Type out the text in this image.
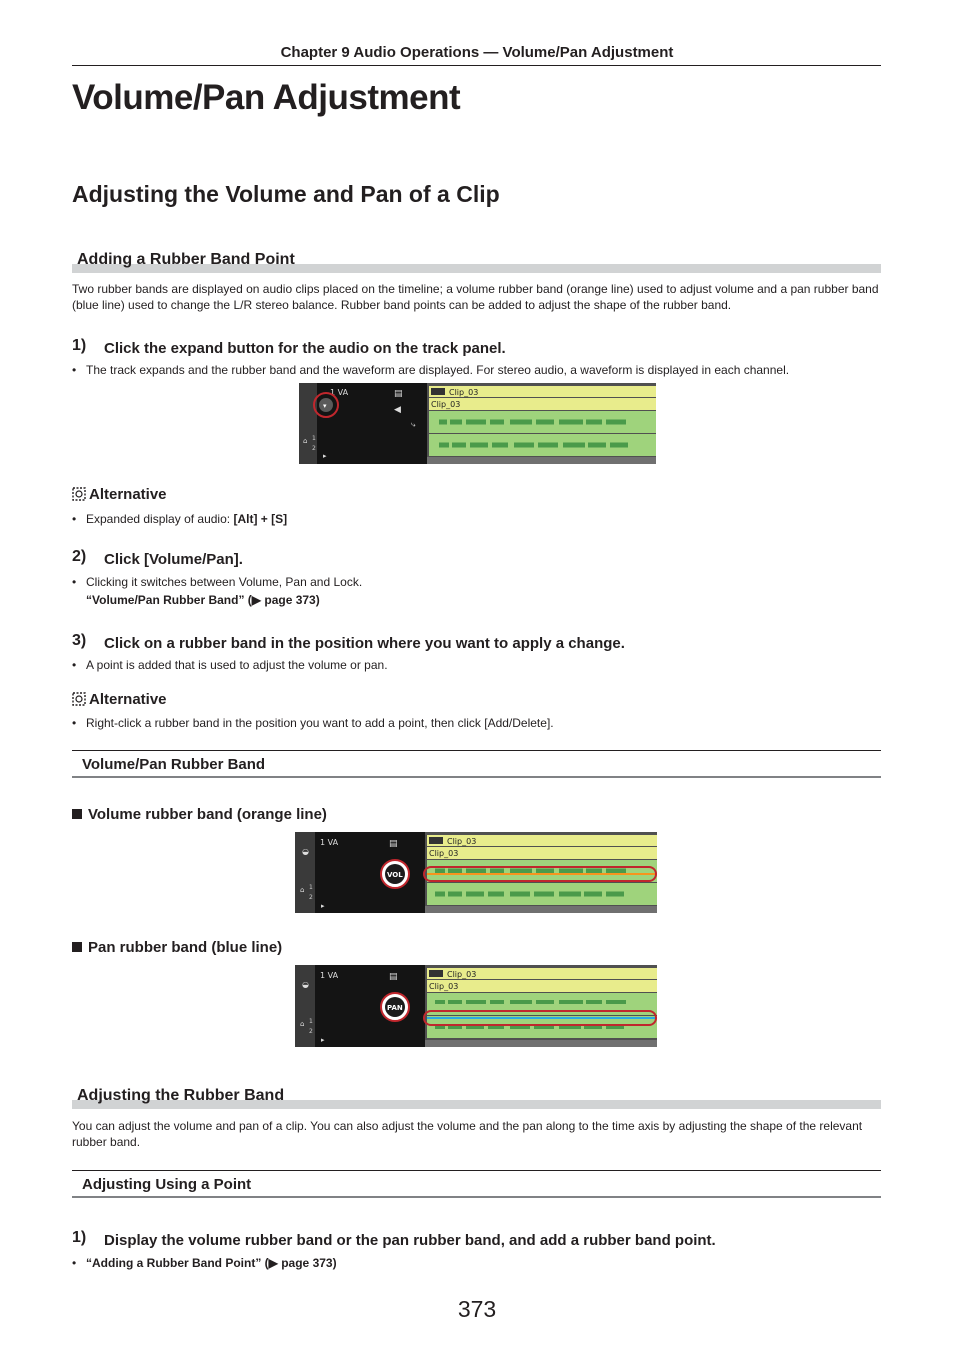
Chapter 9 Audio Operations — Volume/Pan Adjustment
Volume/Pan Adjustment
Adjusting the Volume and Pan of a Clip
Adding a Rubber Band Point
Two rubber bands are displayed on audio clips placed on the timeline; a volume rubber band (orange line) used to adjust volume and a pan rubber band (blue line) used to change the L/R stereo balance. Rubber band points can be added to adjust the shape of the rubber band.
1) Click the expand button for the audio on the track panel.
• The track expands and the rubber band and the waveform are displayed. For stereo audio, a waveform is displayed in each channel.
⌂ 1
2
1 VA	▤
◀
⤷
▸
▾
Clip_03
Clip_03
Alternative
• Expanded display of audio: [Alt] + [S]
2) Click [Volume/Pan].
• Clicking it switches between Volume, Pan and Lock.
“Volume/Pan Rubber Band” (▶ page 373)
3) Click on a rubber band in the position where you want to apply a change.
• A point is added that is used to adjust the volume or pan.
Alternative
• Right-click a rubber band in the position you want to add a point, then click [Add/Delete].
Volume/Pan Rubber Band
Volume rubber band (orange line)
◒
⌂ 1
2
1 VA	▤
▸
VOL
Clip_03
Clip_03
Pan rubber band (blue line)
◒
⌂ 1
2
1 VA	▤
▸
PAN
Clip_03
Clip_03
Adjusting the Rubber Band
You can adjust the volume and pan of a clip. You can also adjust the volume and the pan along to the time axis by adjusting the shape of the relevant rubber band.
Adjusting Using a Point
1) Display the volume rubber band or the pan rubber band, and add a rubber band point.
• “Adding a Rubber Band Point” (▶ page 373)
373
